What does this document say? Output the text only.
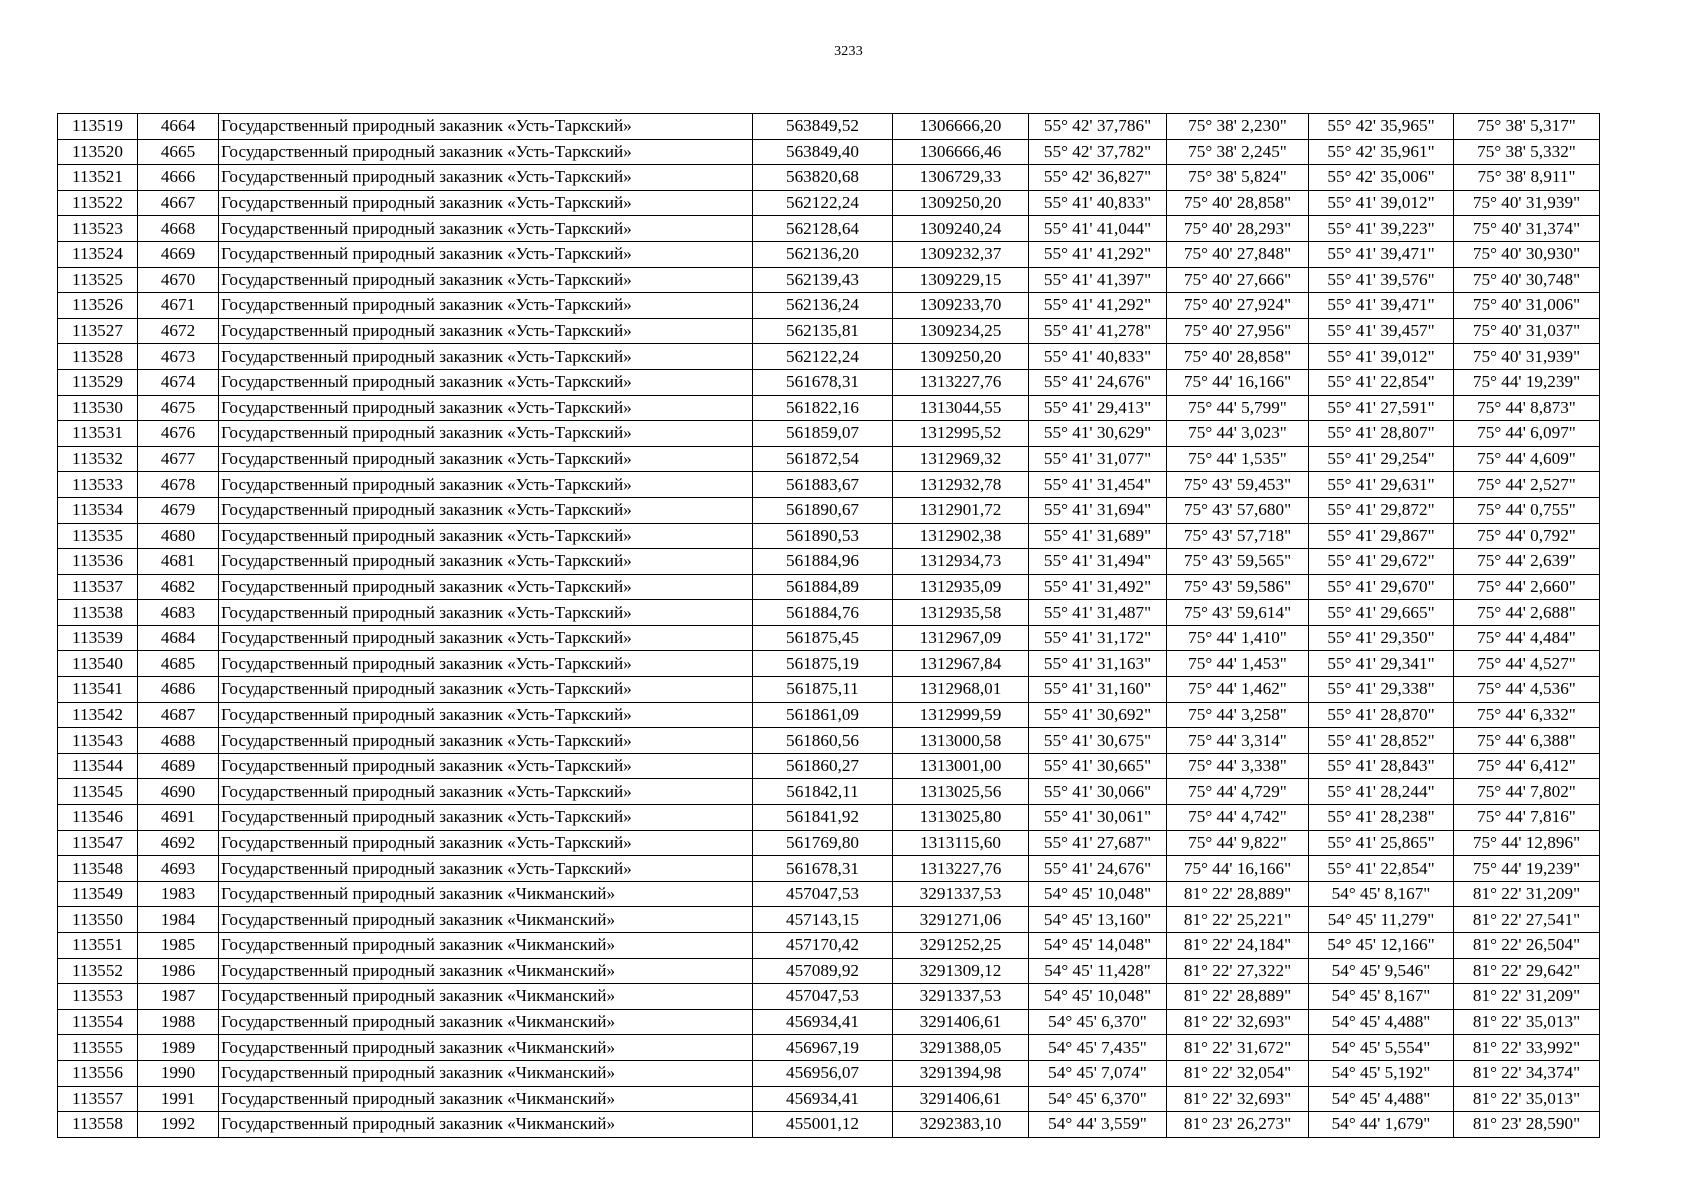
3233
113519	4664	Государственный природный заказник «Усть-Таркский»	563849,52	1306666,20	55° 42' 37,786"	75° 38' 2,230"	55° 42' 35,965"	75° 38' 5,317"
113520	4665	Государственный природный заказник «Усть-Таркский»	563849,40	1306666,46	55° 42' 37,782"	75° 38' 2,245"	55° 42' 35,961"	75° 38' 5,332"
113521	4666	Государственный природный заказник «Усть-Таркский»	563820,68	1306729,33	55° 42' 36,827"	75° 38' 5,824"	55° 42' 35,006"	75° 38' 8,911"
113522	4667	Государственный природный заказник «Усть-Таркский»	562122,24	1309250,20	55° 41' 40,833"	75° 40' 28,858"	55° 41' 39,012"	75° 40' 31,939"
113523	4668	Государственный природный заказник «Усть-Таркский»	562128,64	1309240,24	55° 41' 41,044"	75° 40' 28,293"	55° 41' 39,223"	75° 40' 31,374"
113524	4669	Государственный природный заказник «Усть-Таркский»	562136,20	1309232,37	55° 41' 41,292"	75° 40' 27,848"	55° 41' 39,471"	75° 40' 30,930"
113525	4670	Государственный природный заказник «Усть-Таркский»	562139,43	1309229,15	55° 41' 41,397"	75° 40' 27,666"	55° 41' 39,576"	75° 40' 30,748"
113526	4671	Государственный природный заказник «Усть-Таркский»	562136,24	1309233,70	55° 41' 41,292"	75° 40' 27,924"	55° 41' 39,471"	75° 40' 31,006"
113527	4672	Государственный природный заказник «Усть-Таркский»	562135,81	1309234,25	55° 41' 41,278"	75° 40' 27,956"	55° 41' 39,457"	75° 40' 31,037"
113528	4673	Государственный природный заказник «Усть-Таркский»	562122,24	1309250,20	55° 41' 40,833"	75° 40' 28,858"	55° 41' 39,012"	75° 40' 31,939"
113529	4674	Государственный природный заказник «Усть-Таркский»	561678,31	1313227,76	55° 41' 24,676"	75° 44' 16,166"	55° 41' 22,854"	75° 44' 19,239"
113530	4675	Государственный природный заказник «Усть-Таркский»	561822,16	1313044,55	55° 41' 29,413"	75° 44' 5,799"	55° 41' 27,591"	75° 44' 8,873"
113531	4676	Государственный природный заказник «Усть-Таркский»	561859,07	1312995,52	55° 41' 30,629"	75° 44' 3,023"	55° 41' 28,807"	75° 44' 6,097"
113532	4677	Государственный природный заказник «Усть-Таркский»	561872,54	1312969,32	55° 41' 31,077"	75° 44' 1,535"	55° 41' 29,254"	75° 44' 4,609"
113533	4678	Государственный природный заказник «Усть-Таркский»	561883,67	1312932,78	55° 41' 31,454"	75° 43' 59,453"	55° 41' 29,631"	75° 44' 2,527"
113534	4679	Государственный природный заказник «Усть-Таркский»	561890,67	1312901,72	55° 41' 31,694"	75° 43' 57,680"	55° 41' 29,872"	75° 44' 0,755"
113535	4680	Государственный природный заказник «Усть-Таркский»	561890,53	1312902,38	55° 41' 31,689"	75° 43' 57,718"	55° 41' 29,867"	75° 44' 0,792"
113536	4681	Государственный природный заказник «Усть-Таркский»	561884,96	1312934,73	55° 41' 31,494"	75° 43' 59,565"	55° 41' 29,672"	75° 44' 2,639"
113537	4682	Государственный природный заказник «Усть-Таркский»	561884,89	1312935,09	55° 41' 31,492"	75° 43' 59,586"	55° 41' 29,670"	75° 44' 2,660"
113538	4683	Государственный природный заказник «Усть-Таркский»	561884,76	1312935,58	55° 41' 31,487"	75° 43' 59,614"	55° 41' 29,665"	75° 44' 2,688"
113539	4684	Государственный природный заказник «Усть-Таркский»	561875,45	1312967,09	55° 41' 31,172"	75° 44' 1,410"	55° 41' 29,350"	75° 44' 4,484"
113540	4685	Государственный природный заказник «Усть-Таркский»	561875,19	1312967,84	55° 41' 31,163"	75° 44' 1,453"	55° 41' 29,341"	75° 44' 4,527"
113541	4686	Государственный природный заказник «Усть-Таркский»	561875,11	1312968,01	55° 41' 31,160"	75° 44' 1,462"	55° 41' 29,338"	75° 44' 4,536"
113542	4687	Государственный природный заказник «Усть-Таркский»	561861,09	1312999,59	55° 41' 30,692"	75° 44' 3,258"	55° 41' 28,870"	75° 44' 6,332"
113543	4688	Государственный природный заказник «Усть-Таркский»	561860,56	1313000,58	55° 41' 30,675"	75° 44' 3,314"	55° 41' 28,852"	75° 44' 6,388"
113544	4689	Государственный природный заказник «Усть-Таркский»	561860,27	1313001,00	55° 41' 30,665"	75° 44' 3,338"	55° 41' 28,843"	75° 44' 6,412"
113545	4690	Государственный природный заказник «Усть-Таркский»	561842,11	1313025,56	55° 41' 30,066"	75° 44' 4,729"	55° 41' 28,244"	75° 44' 7,802"
113546	4691	Государственный природный заказник «Усть-Таркский»	561841,92	1313025,80	55° 41' 30,061"	75° 44' 4,742"	55° 41' 28,238"	75° 44' 7,816"
113547	4692	Государственный природный заказник «Усть-Таркский»	561769,80	1313115,60	55° 41' 27,687"	75° 44' 9,822"	55° 41' 25,865"	75° 44' 12,896"
113548	4693	Государственный природный заказник «Усть-Таркский»	561678,31	1313227,76	55° 41' 24,676"	75° 44' 16,166"	55° 41' 22,854"	75° 44' 19,239"
113549	1983	Государственный природный заказник «Чикманский»	457047,53	3291337,53	54° 45' 10,048"	81° 22' 28,889"	54° 45' 8,167"	81° 22' 31,209"
113550	1984	Государственный природный заказник «Чикманский»	457143,15	3291271,06	54° 45' 13,160"	81° 22' 25,221"	54° 45' 11,279"	81° 22' 27,541"
113551	1985	Государственный природный заказник «Чикманский»	457170,42	3291252,25	54° 45' 14,048"	81° 22' 24,184"	54° 45' 12,166"	81° 22' 26,504"
113552	1986	Государственный природный заказник «Чикманский»	457089,92	3291309,12	54° 45' 11,428"	81° 22' 27,322"	54° 45' 9,546"	81° 22' 29,642"
113553	1987	Государственный природный заказник «Чикманский»	457047,53	3291337,53	54° 45' 10,048"	81° 22' 28,889"	54° 45' 8,167"	81° 22' 31,209"
113554	1988	Государственный природный заказник «Чикманский»	456934,41	3291406,61	54° 45' 6,370"	81° 22' 32,693"	54° 45' 4,488"	81° 22' 35,013"
113555	1989	Государственный природный заказник «Чикманский»	456967,19	3291388,05	54° 45' 7,435"	81° 22' 31,672"	54° 45' 5,554"	81° 22' 33,992"
113556	1990	Государственный природный заказник «Чикманский»	456956,07	3291394,98	54° 45' 7,074"	81° 22' 32,054"	54° 45' 5,192"	81° 22' 34,374"
113557	1991	Государственный природный заказник «Чикманский»	456934,41	3291406,61	54° 45' 6,370"	81° 22' 32,693"	54° 45' 4,488"	81° 22' 35,013"
113558	1992	Государственный природный заказник «Чикманский»	455001,12	3292383,10	54° 44' 3,559"	81° 23' 26,273"	54° 44' 1,679"	81° 23' 28,590"
